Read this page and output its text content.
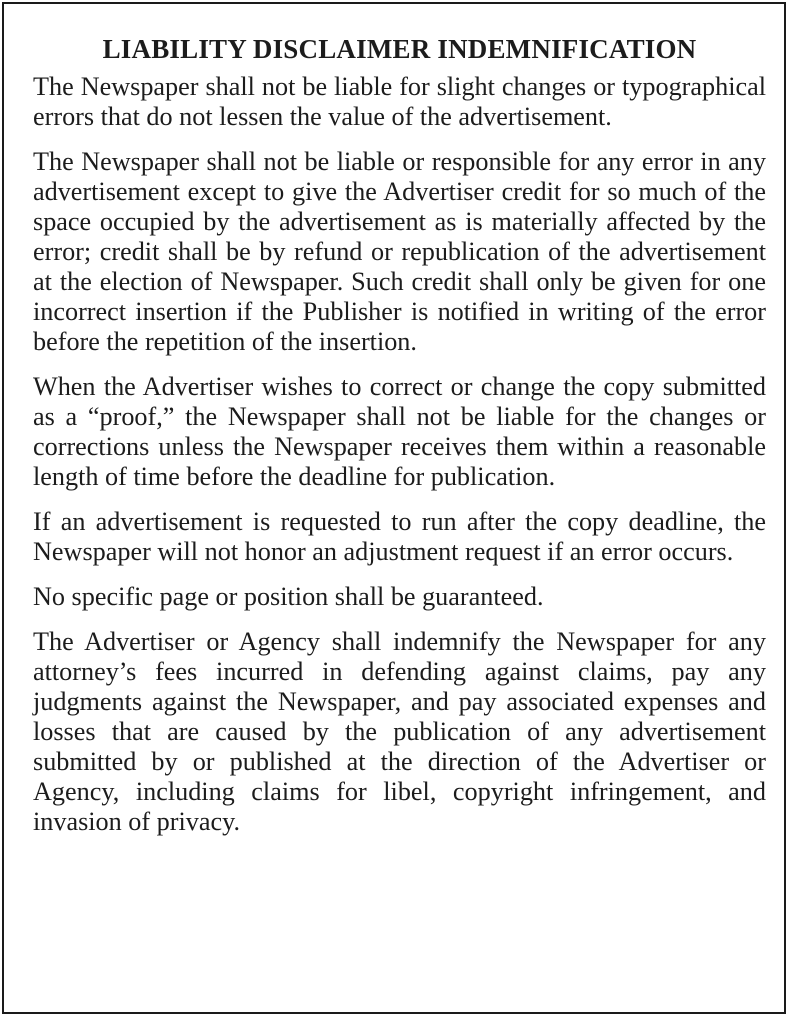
LIABILITY DISCLAIMER INDEMNIFICATION

The Newspaper shall not be liable for slight changes or typographical errors that do not lessen the value of the advertisement.

The Newspaper shall not be liable or responsible for any error in any advertisement except to give the Advertiser credit for so much of the space occupied by the advertisement as is materially affected by the error; credit shall be by refund or republication of the advertisement at the election of Newspaper. Such credit shall only be given for one incorrect insertion if the Publisher is notified in writing of the error before the repetition of the insertion.

When the Advertiser wishes to correct or change the copy submitted as a “proof,” the Newspaper shall not be liable for the changes or corrections unless the Newspaper receives them within a reasonable length of time before the deadline for publication.

If an advertisement is requested to run after the copy deadline, the Newspaper will not honor an adjustment request if an error occurs.

No specific page or position shall be guaranteed.

The Advertiser or Agency shall indemnify the Newspaper for any attorney’s fees incurred in defending against claims, pay any judgments against the Newspaper, and pay associated expenses and losses that are caused by the publication of any advertisement submitted by or published at the direction of the Advertiser or Agency, including claims for libel, copyright infringement, and invasion of privacy.
